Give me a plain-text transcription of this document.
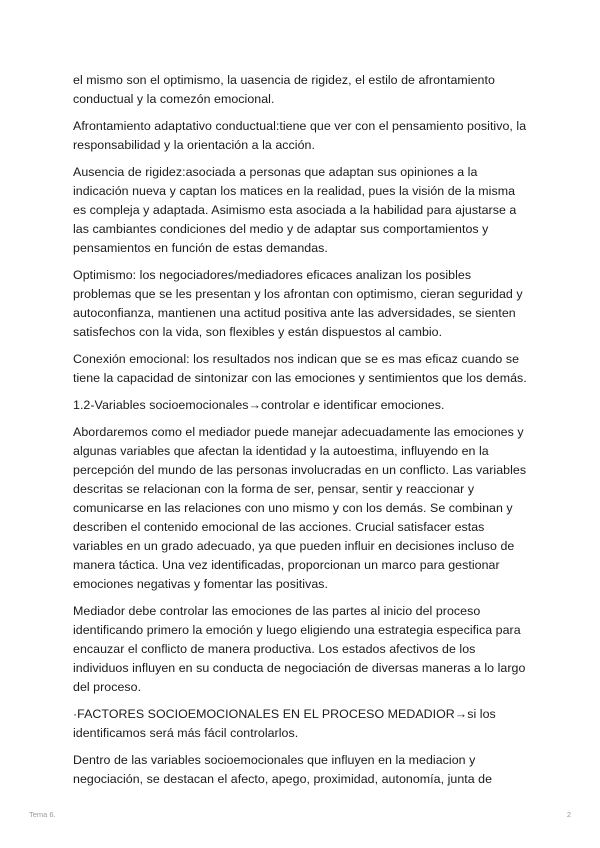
el mismo son el optimismo, la uasencia de rigidez, el estilo de afrontamiento conductual y la comezón emocional.

Afrontamiento adaptativo conductual:tiene que ver con el pensamiento positivo, la responsabilidad y la orientación a la acción.

Ausencia de rigidez:asociada a personas que adaptan sus opiniones a la indicación nueva y captan los matices en la realidad, pues la visión de la misma es compleja y adaptada. Asimismo esta asociada a la habilidad para ajustarse a las cambiantes condiciones del medio y de adaptar sus comportamientos y pensamientos en función de estas demandas.

Optimismo: los negociadores/mediadores eficaces analizan los posibles problemas que se les presentan y los afrontan con optimismo, cieran seguridad y autoconfianza, mantienen una actitud positiva ante las adversidades, se sienten satisfechos con la vida, son flexibles y están dispuestos al cambio.

Conexión emocional: los resultados nos indican que se es mas eficaz cuando se tiene la capacidad de sintonizar con las emociones y sentimientos que los demás.

1.2-Variables socioemocionales→controlar e identificar emociones.

Abordaremos como el mediador puede manejar adecuadamente las emociones y algunas variables que afectan la identidad y la autoestima, influyendo en la percepción del mundo de las personas involucradas en un conflicto. Las variables descritas se relacionan con la forma de ser, pensar, sentir y reaccionar y comunicarse en las relaciones con uno mismo y con los demás. Se combinan y describen el contenido emocional de las acciones. Crucial satisfacer estas variables en un grado adecuado, ya que pueden influir en decisiones incluso de manera táctica. Una vez identificadas, proporcionan un marco para gestionar emociones negativas y fomentar las positivas.

Mediador debe controlar las emociones de las partes al inicio del proceso identificando primero la emoción y luego eligiendo una estrategia especifica para encauzar el conflicto de manera productiva. Los estados afectivos de los individuos influyen en su conducta de negociación de diversas maneras a lo largo del proceso.

·FACTORES SOCIOEMOCIONALES EN EL PROCESO MEDADIOR→si los identificamos será más fácil controlarlos.

Dentro de las variables socioemocionales que influyen en la mediacion y negociación, se destacan el afecto, apego, proximidad, autonomía, junta de

Tema 6.	2
